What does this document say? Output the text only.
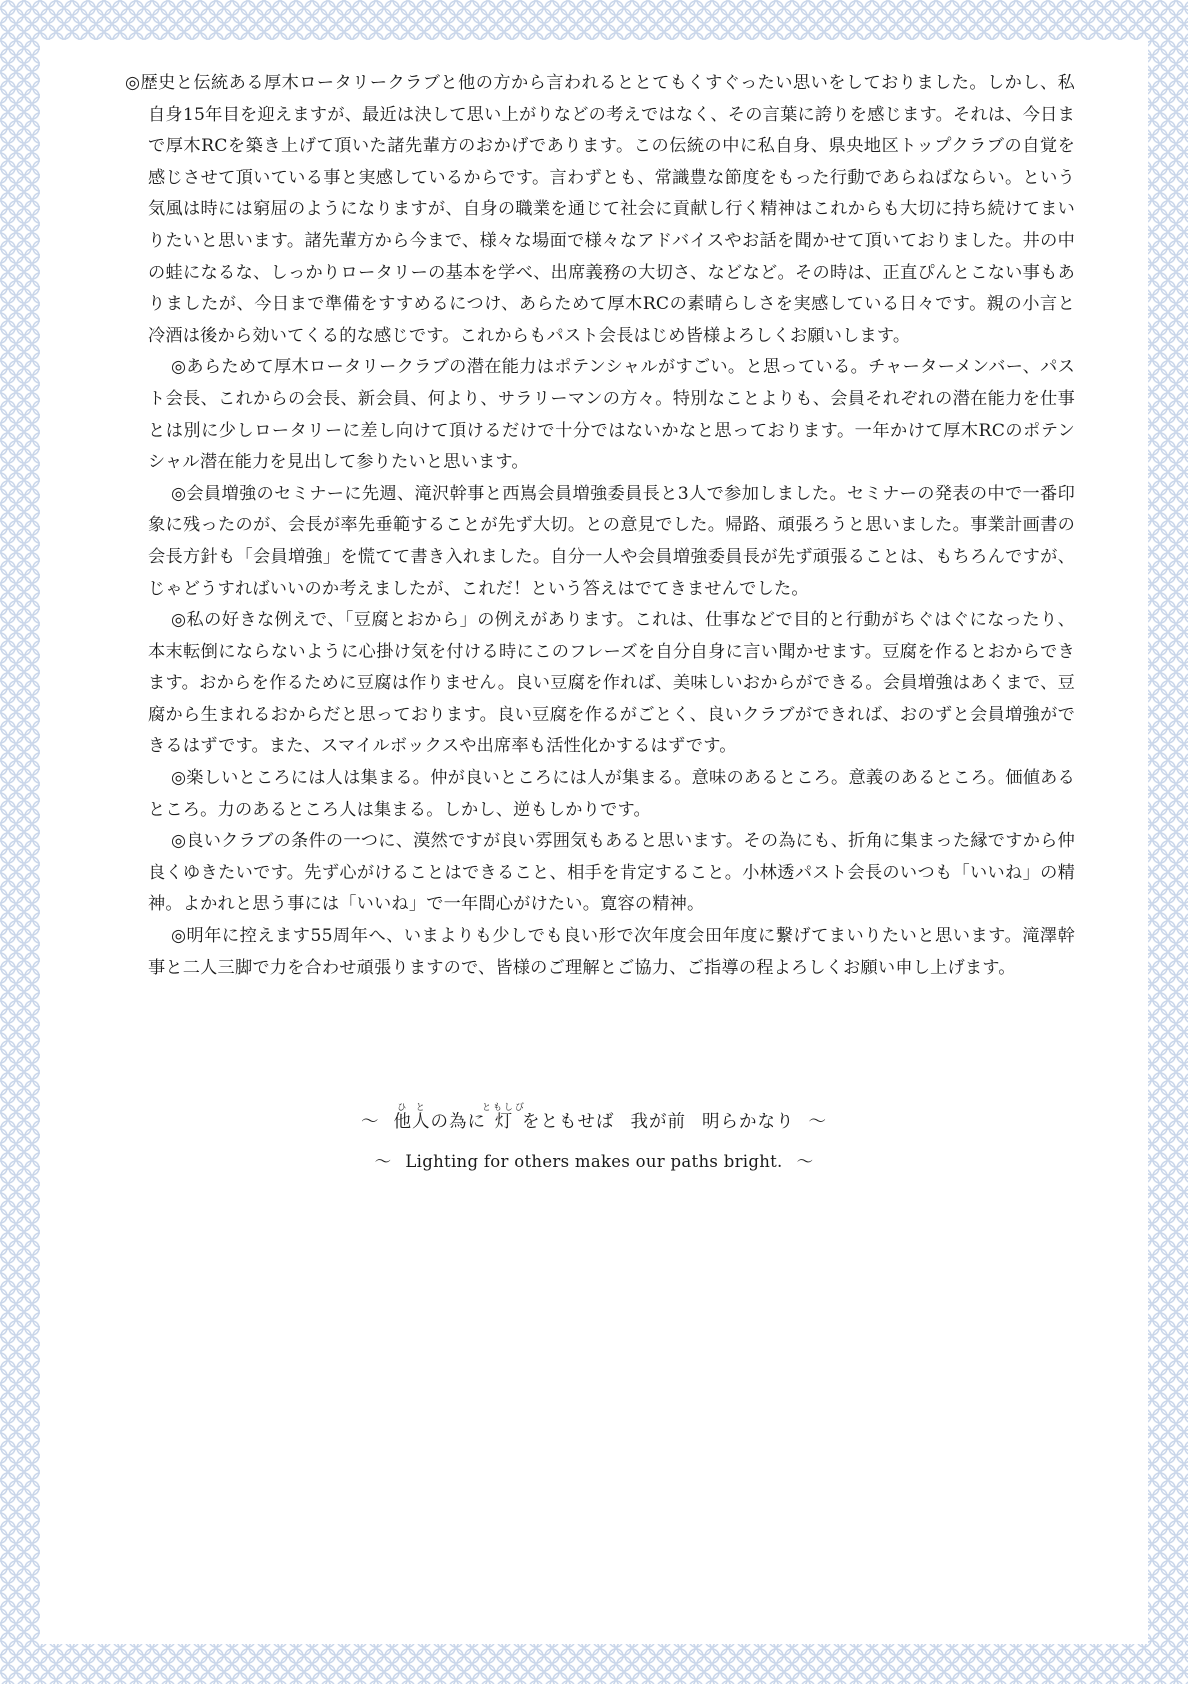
◎歴史と伝統ある厚木ロータリークラブと他の方から言われるととてもくすぐったい思いをしておりました。しかし、私自身15年目を迎えますが、最近は決して思い上がりなどの考えではなく、その言葉に誇りを感じます。それは、今日まで厚木RCを築き上げて頂いた諸先輩方のおかげであります。この伝統の中に私自身、県央地区トップクラブの自覚を感じさせて頂いている事と実感しているからです。言わずとも、常識豊な節度をもった行動であらねばならい。という気風は時には窮屈のようになりますが、自身の職業を通じて社会に貢献し行く精神はこれからも大切に持ち続けてまいりたいと思います。諸先輩方から今まで、様々な場面で様々なアドバイスやお話を聞かせて頂いておりました。井の中の蛙になるな、しっかりロータリーの基本を学べ、出席義務の大切さ、などなど。その時は、正直ぴんとこない事もありましたが、今日まで準備をすすめるにつけ、あらためて厚木RCの素晴らしさを実感している日々です。親の小言と冷酒は後から効いてくる的な感じです。これからもパスト会長はじめ皆様よろしくお願いします。

◎あらためて厚木ロータリークラブの潜在能力はポテンシャルがすごい。と思っている。チャーターメンバー、パスト会長、これからの会長、新会員、何より、サラリーマンの方々。特別なことよりも、会員それぞれの潜在能力を仕事とは別に少しロータリーに差し向けて頂けるだけで十分ではないかなと思っております。一年かけて厚木RCのポテンシャル潜在能力を見出して参りたいと思います。

◎会員増強のセミナーに先週、滝沢幹事と西嶌会員増強委員長と3人で参加しました。セミナーの発表の中で一番印象に残ったのが、会長が率先垂範することが先ず大切。との意見でした。帰路、頑張ろうと思いました。事業計画書の会長方針も「会員増強」を慌てて書き入れました。自分一人や会員増強委員長が先ず頑張ることは、もちろんですが、じゃどうすればいいのか考えましたが、これだ！という答えはでてきませんでした。

◎私の好きな例えで、「豆腐とおから」の例えがあります。これは、仕事などで目的と行動がちぐはぐになったり、本末転倒にならないように心掛け気を付ける時にこのフレーズを自分自身に言い聞かせます。豆腐を作るとおからできます。おからを作るために豆腐は作りません。良い豆腐を作れば、美味しいおからができる。会員増強はあくまで、豆腐から生まれるおからだと思っております。良い豆腐を作るがごとく、良いクラブができれば、おのずと会員増強ができるはずです。また、スマイルボックスや出席率も活性化かするはずです。

◎楽しいところには人は集まる。仲が良いところには人が集まる。意味のあるところ。意義のあるところ。価値あるところ。力のあるところ人は集まる。しかし、逆もしかりです。

◎良いクラブの条件の一つに、漠然ですが良い雰囲気もあると思います。その為にも、折角に集まった縁ですから仲良くゆきたいです。先ず心がけることはできること、相手を肯定すること。小林透パスト会長のいつも「いいね」の精神。よかれと思う事には「いいね」で一年間心がけたい。寛容の精神。

◎明年に控えます55周年へ、いまよりも少しでも良い形で次年度会田年度に繋げてまいりたいと思います。滝澤幹事と二人三脚で力を合わせ頑張りますので、皆様のご理解とご協力、ご指導の程よろしくお願い申し上げます。

～ 他人ひとの為に灯ともしびをともせば 我が前 明らかなり ～
～ Lighting for others makes our paths bright. ～
